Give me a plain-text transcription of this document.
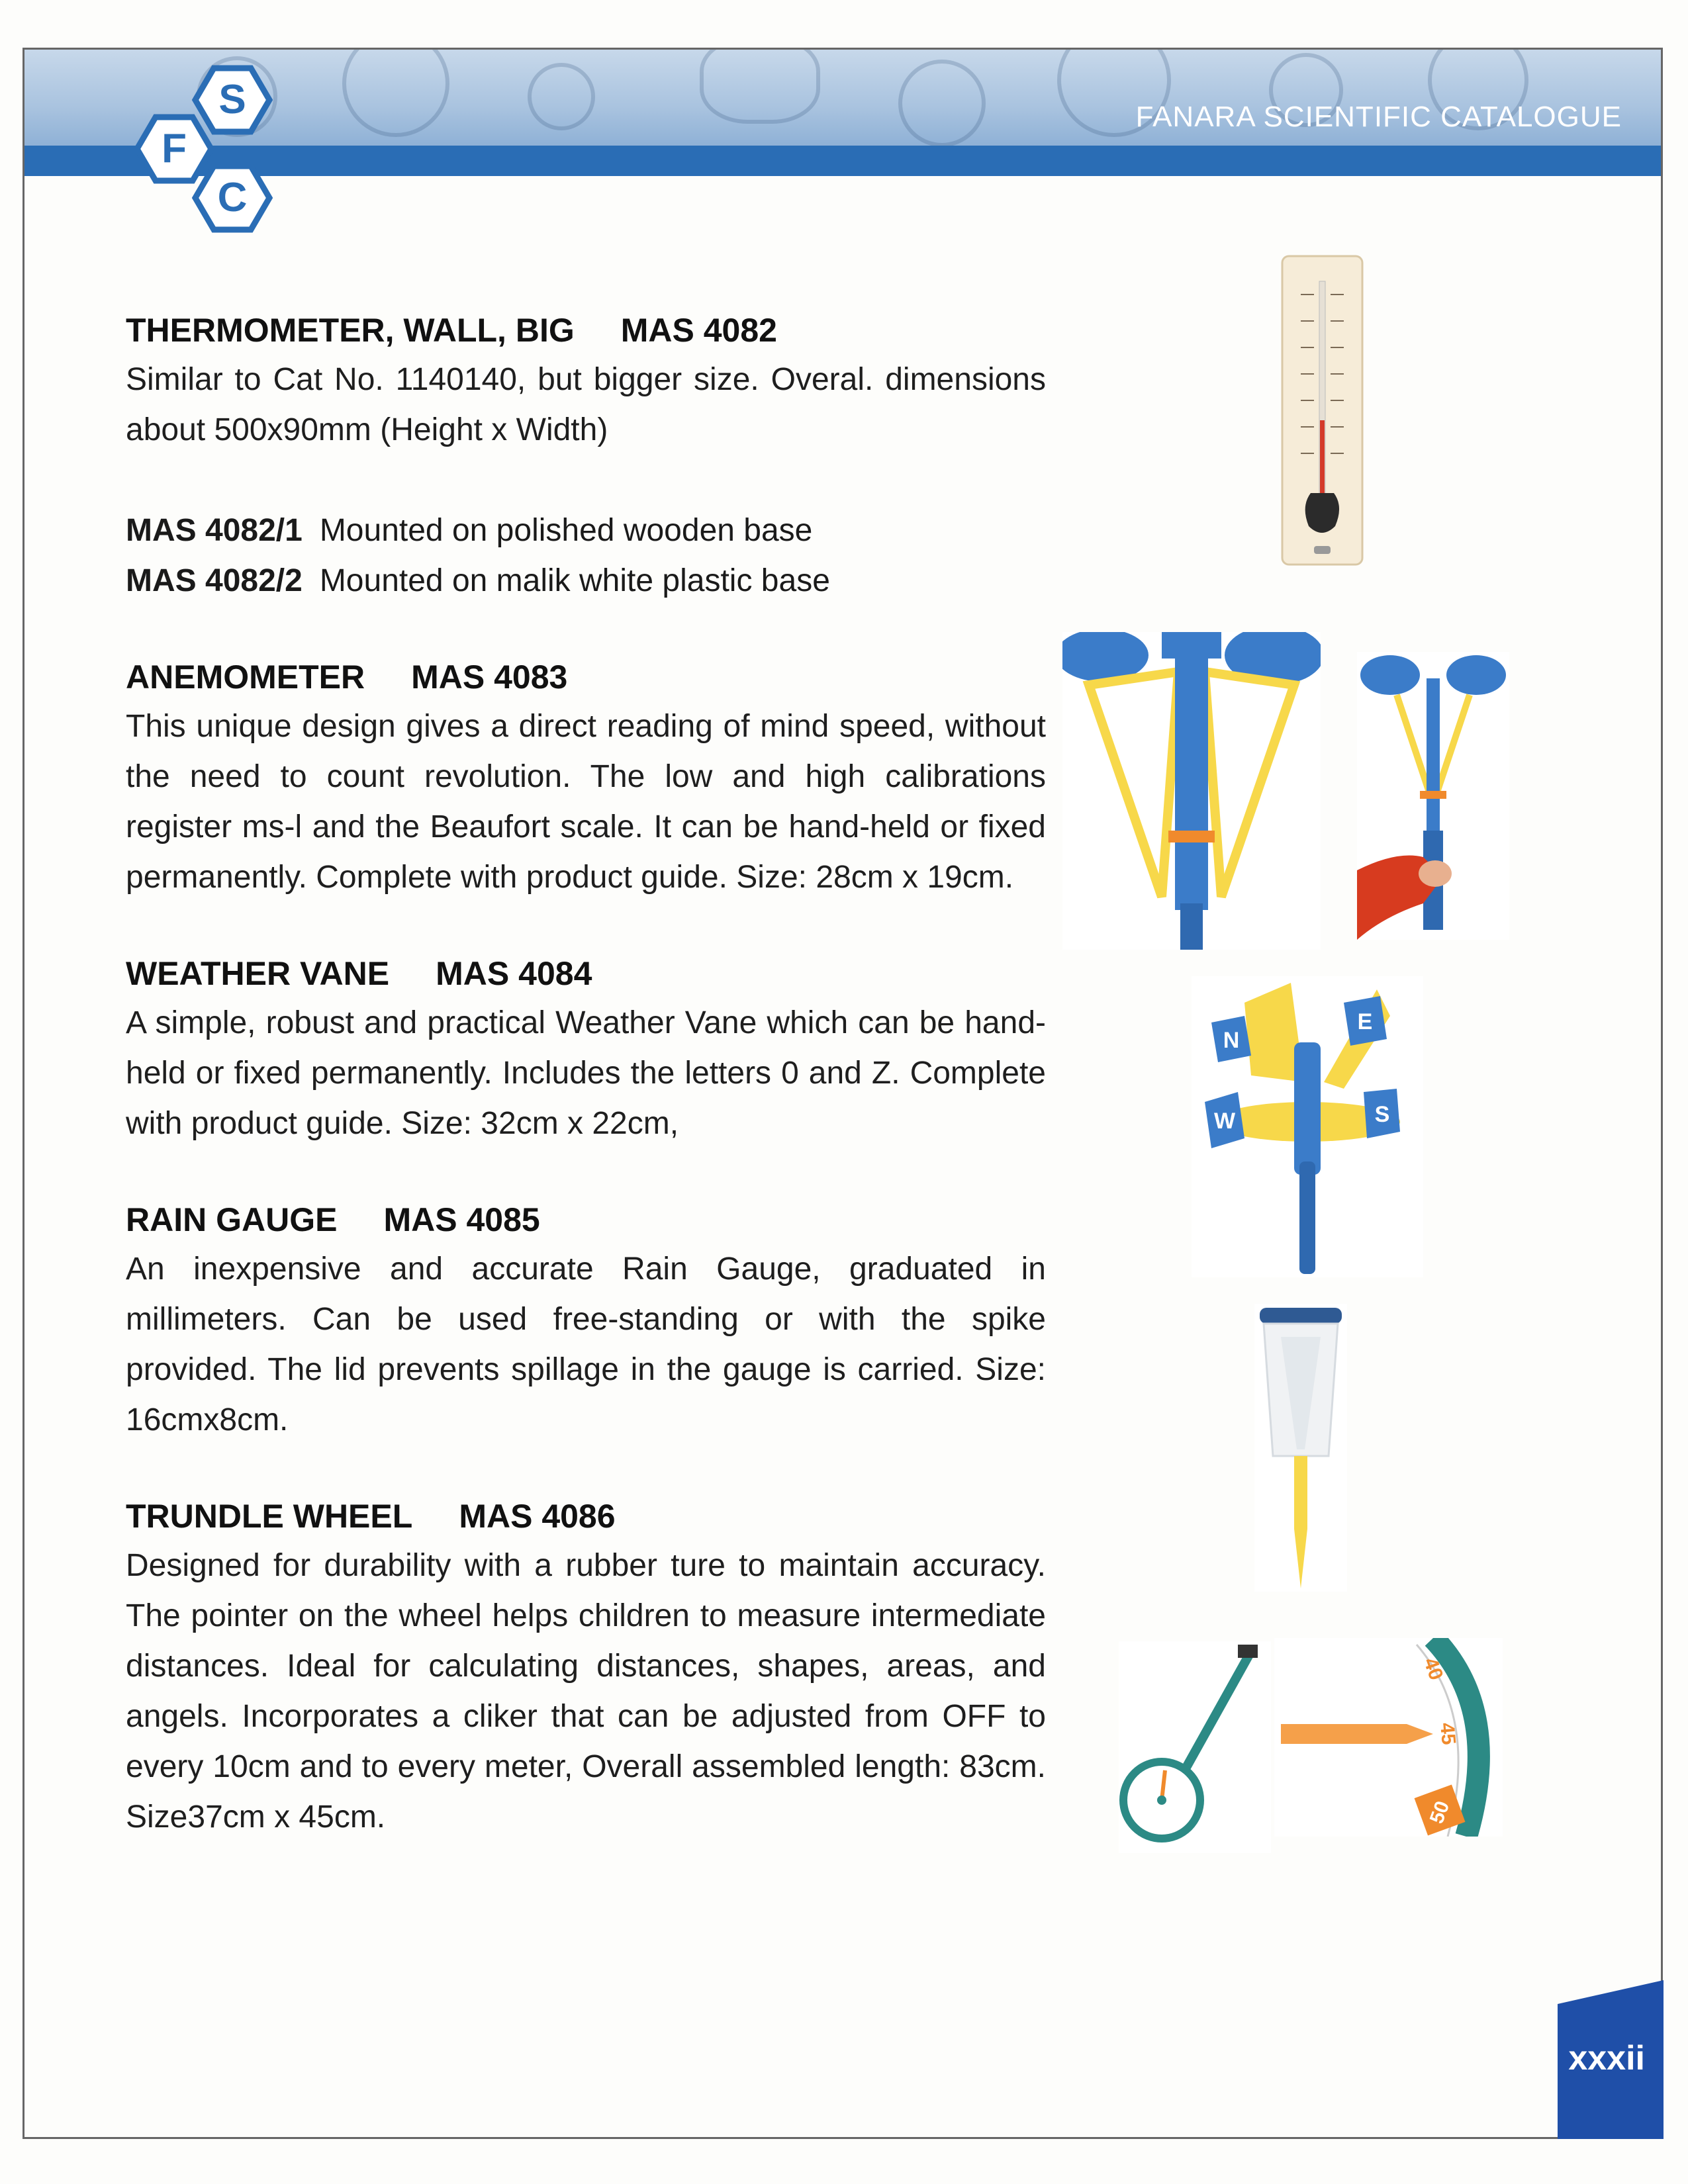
FANARA SCIENTIFIC CATALOGUE
S
F
C
THERMOMETER, WALL, BIG MAS 4082
Similar to Cat No. 1140140, but bigger size. Overal. dimensions about 500x90mm (Height x Width)
MAS 4082/1 Mounted on polished wooden base
MAS 4082/2 Mounted on malik white plastic base
ANEMOMETER MAS 4083
This unique design gives a direct reading of mind speed, without the need to count revolution. The low and high calibrations register ms-l and the Beaufort scale. It can be hand-held or fixed permanently. Complete with product guide. Size: 28cm x 19cm.
WEATHER VANE MAS 4084
A simple, robust and practical Weather Vane which can be hand-held or fixed permanently. Includes the letters 0 and Z. Complete with product guide. Size: 32cm x 22cm,
RAIN GAUGE MAS 4085
An inexpensive and accurate Rain Gauge, graduated in millimeters. Can be used free-standing or with the spike provided. The lid prevents spillage in the gauge is carried. Size: 16cmx8cm.
TRUNDLE WHEEL MAS 4086
Designed for durability with a rubber ture to maintain accuracy. The pointer on the wheel helps children to measure intermediate distances. Ideal for calculating distances, shapes, areas, and angels. Incorporates a cliker that can be adjusted from OFF to every 10cm and to every meter, Overall assembled length: 83cm. Size37cm x 45cm.
N
E
W	S
40
45
50
xxxii
